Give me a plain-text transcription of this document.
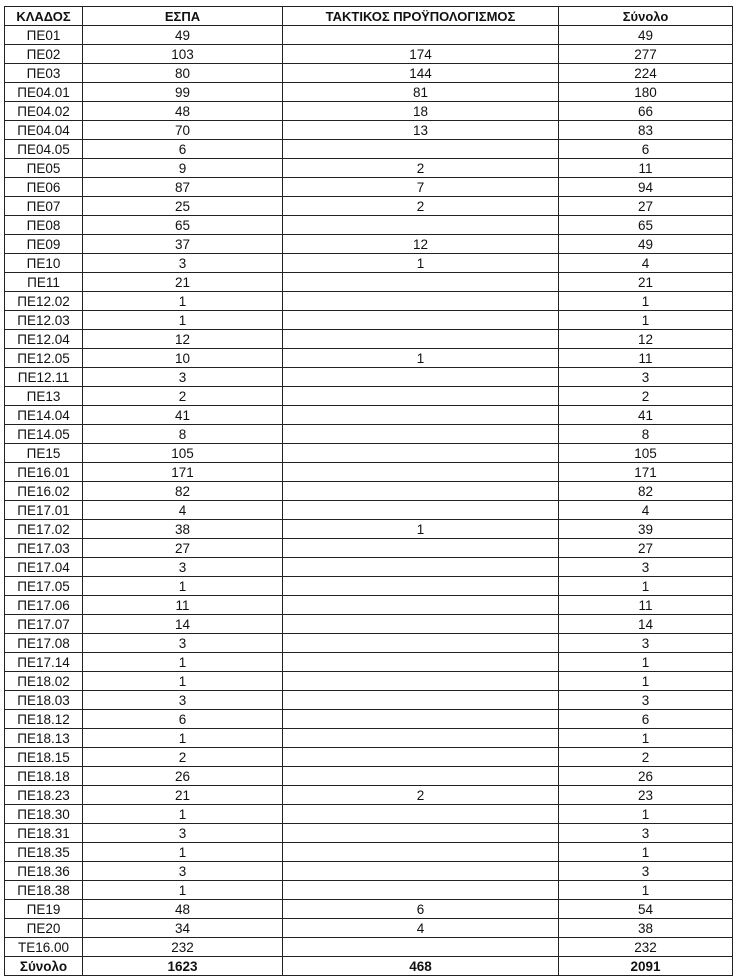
ΚΛΑΔΟΣ	ΕΣΠΑ	ΤΑΚΤΙΚΟΣ ΠΡΟΫΠΟΛΟΓΙΣΜΟΣ	Σύνολο
ΠΕ01	49		49
ΠΕ02	103	174	277
ΠΕ03	80	144	224
ΠΕ04.01	99	81	180
ΠΕ04.02	48	18	66
ΠΕ04.04	70	13	83
ΠΕ04.05	6		6
ΠΕ05	9	2	11
ΠΕ06	87	7	94
ΠΕ07	25	2	27
ΠΕ08	65		65
ΠΕ09	37	12	49
ΠΕ10	3	1	4
ΠΕ11	21		21
ΠΕ12.02	1		1
ΠΕ12.03	1		1
ΠΕ12.04	12		12
ΠΕ12.05	10	1	11
ΠΕ12.11	3		3
ΠΕ13	2		2
ΠΕ14.04	41		41
ΠΕ14.05	8		8
ΠΕ15	105		105
ΠΕ16.01	171		171
ΠΕ16.02	82		82
ΠΕ17.01	4		4
ΠΕ17.02	38	1	39
ΠΕ17.03	27		27
ΠΕ17.04	3		3
ΠΕ17.05	1		1
ΠΕ17.06	11		11
ΠΕ17.07	14		14
ΠΕ17.08	3		3
ΠΕ17.14	1		1
ΠΕ18.02	1		1
ΠΕ18.03	3		3
ΠΕ18.12	6		6
ΠΕ18.13	1		1
ΠΕ18.15	2		2
ΠΕ18.18	26		26
ΠΕ18.23	21	2	23
ΠΕ18.30	1		1
ΠΕ18.31	3		3
ΠΕ18.35	1		1
ΠΕ18.36	3		3
ΠΕ18.38	1		1
ΠΕ19	48	6	54
ΠΕ20	34	4	38
ΤΕ16.00	232		232
Σύνολο	1623	468	2091
